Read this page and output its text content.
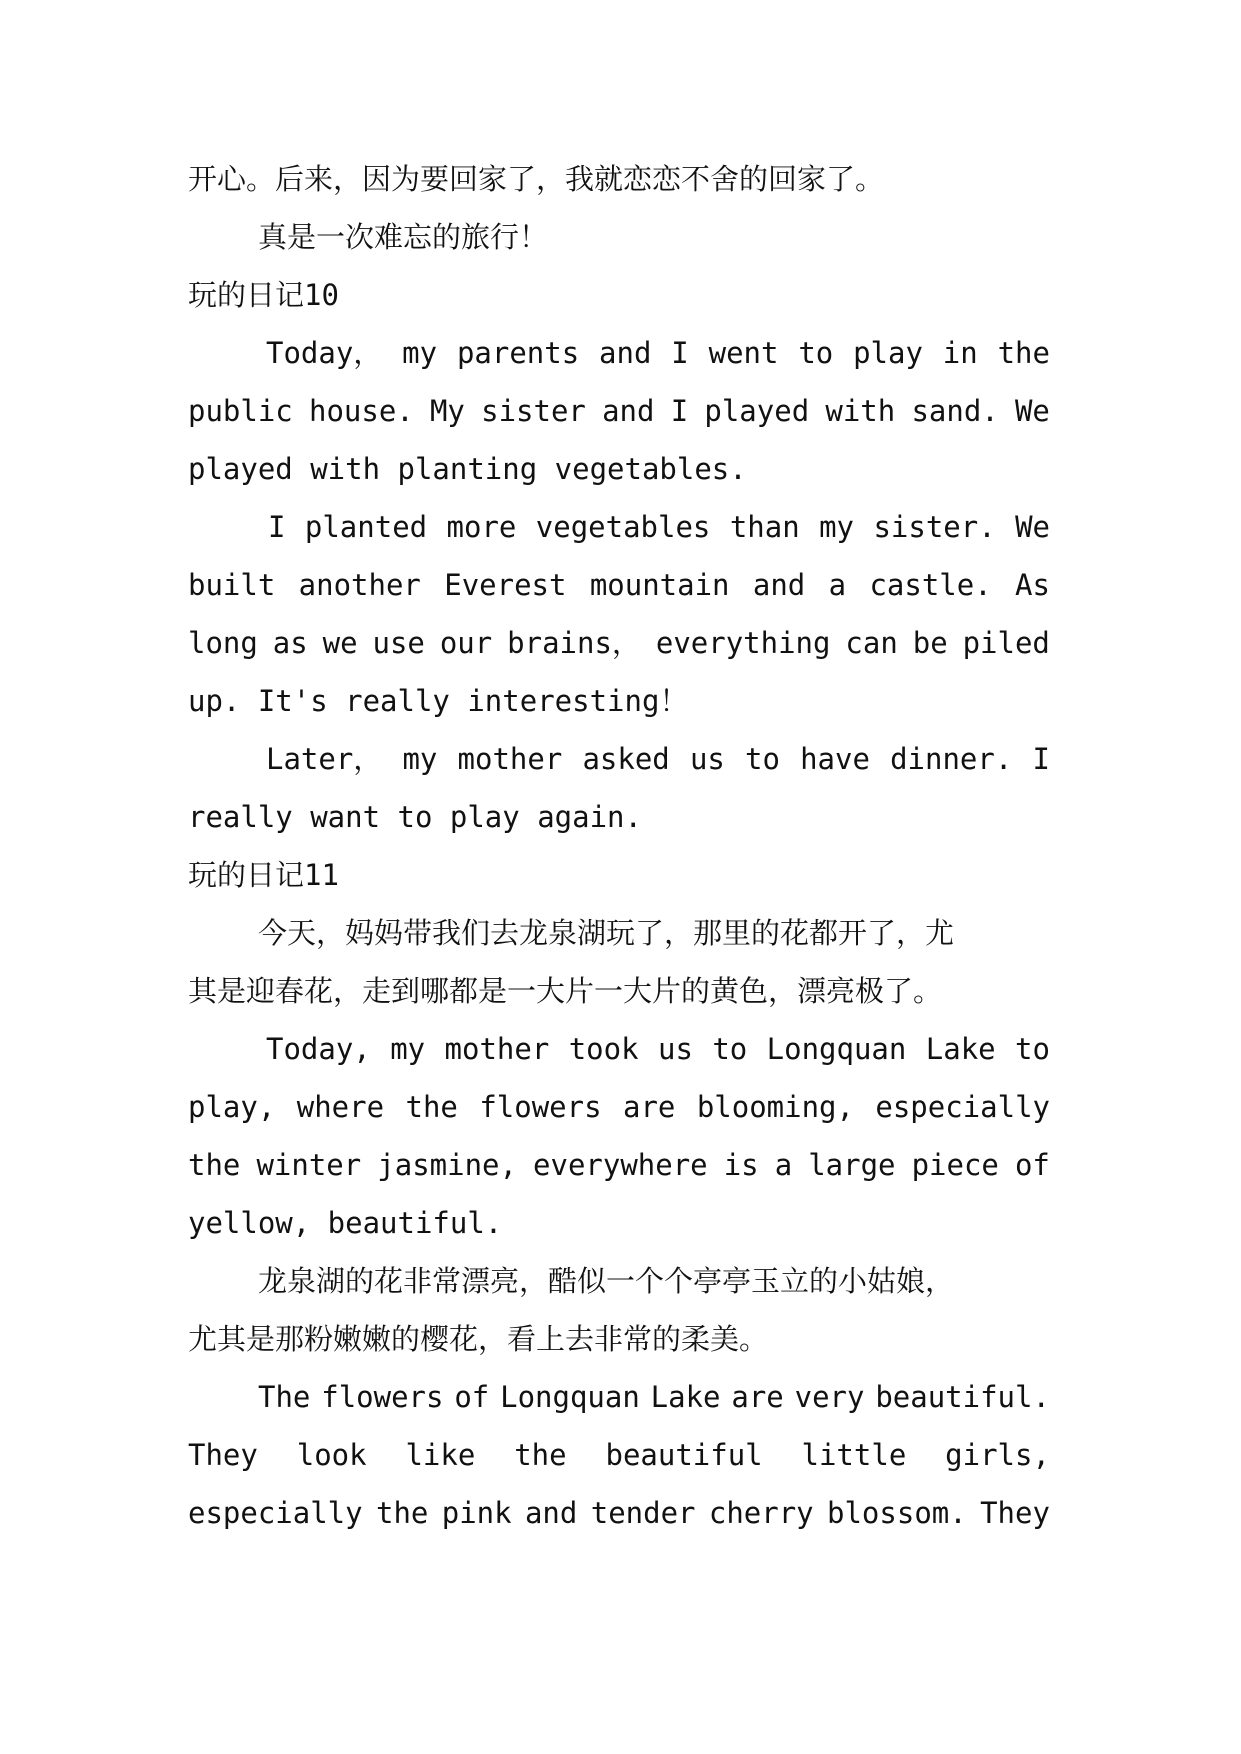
开心。后来，因为要回家了，我就恋恋不舍的回家了。
真是一次难忘的旅行！
玩的日记10
Today， my parents and I went to play in the
public house. My sister and I played with sand. We
played with planting vegetables.
I planted more vegetables than my sister. We
built another Everest mountain and a castle. As
long as we use our brains， everything can be piled
up. It's really interesting！
Later， my mother asked us to have dinner. I
really want to play again.
玩的日记11
今天，妈妈带我们去龙泉湖玩了，那里的花都开了，尤
其是迎春花，走到哪都是一大片一大片的黄色，漂亮极了。
Today, my mother took us to Longquan Lake to
play, where the flowers are blooming, especially
the winter jasmine, everywhere is a large piece of
yellow, beautiful.
龙泉湖的花非常漂亮，酷似一个个亭亭玉立的小姑娘，
尤其是那粉嫩嫩的樱花，看上去非常的柔美。
The flowers of Longquan Lake are very beautiful.
They look like the beautiful little girls,
especially the pink and tender cherry blossom. They
